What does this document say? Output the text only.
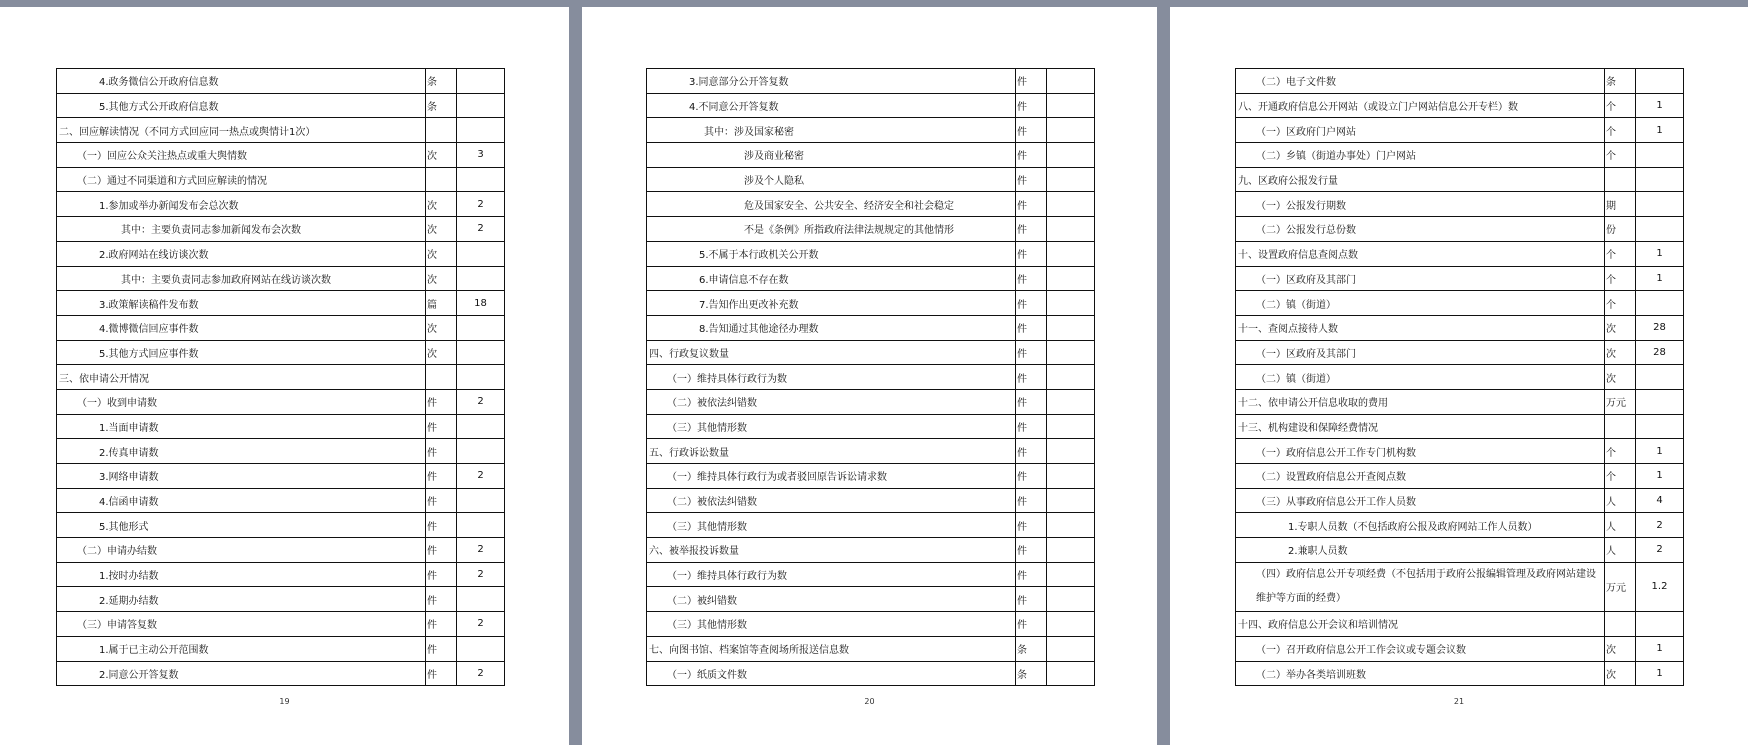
4.政务微信公开政府信息数	条
5.其他方式公开政府信息数	条
二、回应解读情况（不同方式回应同一热点或舆情计1次）
（一）回应公众关注热点或重大舆情数	次	3
（二）通过不同渠道和方式回应解读的情况
1.参加或举办新闻发布会总次数	次	2
其中：主要负责同志参加新闻发布会次数	次	2
2.政府网站在线访谈次数	次
其中：主要负责同志参加政府网站在线访谈次数	次
3.政策解读稿件发布数	篇	18
4.微博微信回应事件数	次
5.其他方式回应事件数	次
三、依申请公开情况
（一）收到申请数	件	2
1.当面申请数	件
2.传真申请数	件
3.网络申请数	件	2
4.信函申请数	件
5.其他形式	件
（二）申请办结数	件	2
1.按时办结数	件	2
2.延期办结数	件
（三）申请答复数	件	2
1.属于已主动公开范围数	件
2.同意公开答复数	件	2
19
3.同意部分公开答复数	件
4.不同意公开答复数	件
其中：涉及国家秘密	件
涉及商业秘密	件
涉及个人隐私	件
危及国家安全、公共安全、经济安全和社会稳定	件
不是《条例》所指政府法律法规规定的其他情形	件
5.不属于本行政机关公开数	件
6.申请信息不存在数	件
7.告知作出更改补充数	件
8.告知通过其他途径办理数	件
四、行政复议数量	件
（一）维持具体行政行为数	件
（二）被依法纠错数	件
（三）其他情形数	件
五、行政诉讼数量	件
（一）维持具体行政行为或者驳回原告诉讼请求数	件
（二）被依法纠错数	件
（三）其他情形数	件
六、被举报投诉数量	件
（一）维持具体行政行为数	件
（二）被纠错数	件
（三）其他情形数	件
七、向图书馆、档案馆等查阅场所报送信息数	条
（一）纸质文件数	条
20
（二）电子文件数	条
八、开通政府信息公开网站（或设立门户网站信息公开专栏）数	个	1
（一）区政府门户网站	个	1
（二）乡镇（街道办事处）门户网站	个
九、区政府公报发行量
（一）公报发行期数	期
（二）公报发行总份数	份
十、设置政府信息查阅点数	个	1
（一）区政府及其部门	个	1
（二）镇（街道）	个
十一、查阅点接待人数	次	28
（一）区政府及其部门	次	28
（二）镇（街道）	次
十二、依申请公开信息收取的费用	万元
十三、机构建设和保障经费情况
（一）政府信息公开工作专门机构数	个	1
（二）设置政府信息公开查阅点数	个	1
（三）从事政府信息公开工作人员数	人	4
1.专职人员数（不包括政府公报及政府网站工作人员数）	人	2
2.兼职人员数	人	2
（四）政府信息公开专项经费（不包括用于政府公报编辑管理及政府网站建设维护等方面的经费）
万元	1.2
十四、政府信息公开会议和培训情况
（一）召开政府信息公开工作会议或专题会议数	次	1
（二）举办各类培训班数	次	1
21
